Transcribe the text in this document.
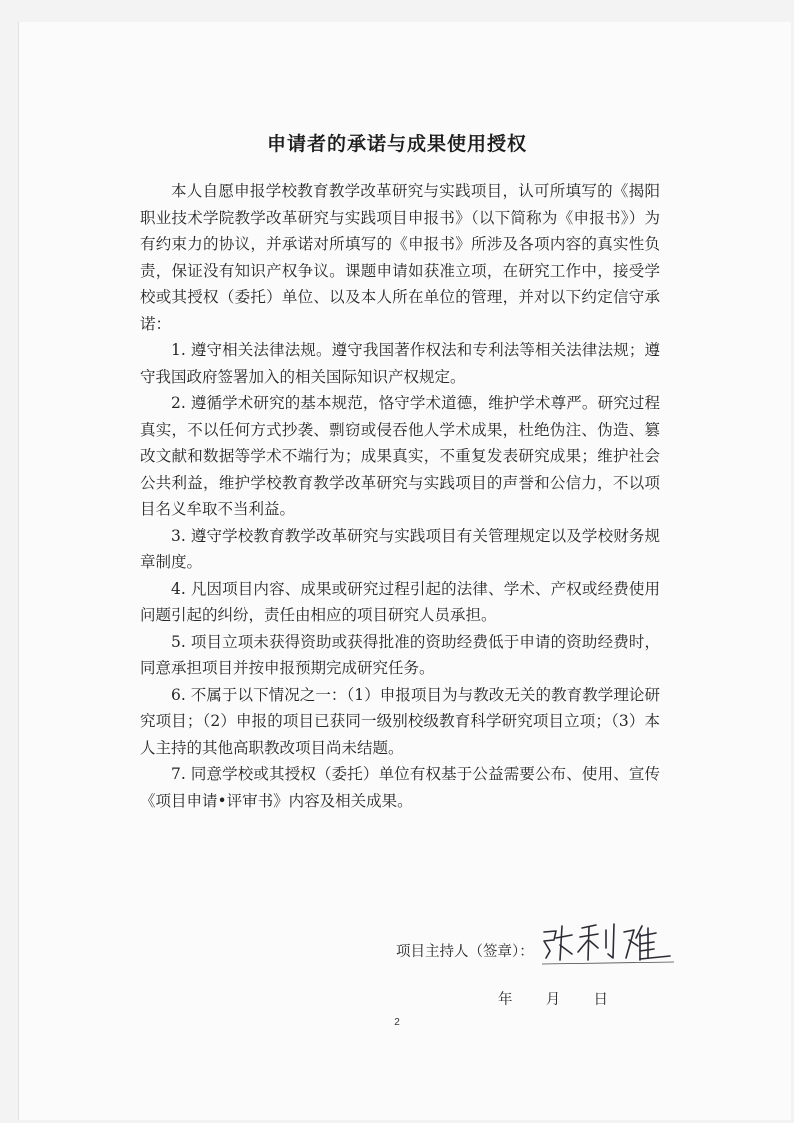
申请者的承诺与成果使用授权

本人自愿申报学校教育教学改革研究与实践项目，认可所填写的《揭阳职业技术学院教学改革研究与实践项目申报书》（以下简称为《申报书》）为有约束力的协议，并承诺对所填写的《申报书》所涉及各项内容的真实性负责，保证没有知识产权争议。课题申请如获准立项，在研究工作中，接受学校或其授权（委托）单位、以及本人所在单位的管理，并对以下约定信守承诺：

1. 遵守相关法律法规。遵守我国著作权法和专利法等相关法律法规；遵守我国政府签署加入的相关国际知识产权规定。

2. 遵循学术研究的基本规范，恪守学术道德，维护学术尊严。研究过程真实，不以任何方式抄袭、剽窃或侵吞他人学术成果，杜绝伪注、伪造、篡改文献和数据等学术不端行为；成果真实，不重复发表研究成果；维护社会公共利益，维护学校教育教学改革研究与实践项目的声誉和公信力，不以项目名义牟取不当利益。

3. 遵守学校教育教学改革研究与实践项目有关管理规定以及学校财务规章制度。

4. 凡因项目内容、成果或研究过程引起的法律、学术、产权或经费使用问题引起的纠纷，责任由相应的项目研究人员承担。

5. 项目立项未获得资助或获得批准的资助经费低于申请的资助经费时，同意承担项目并按申报预期完成研究任务。

6. 不属于以下情况之一：（1）申报项目为与教改无关的教育教学理论研究项目；（2）申报的项目已获同一级别校级教育科学研究项目立项；（3）本人主持的其他高职教改项目尚未结题。

7. 同意学校或其授权（委托）单位有权基于公益需要公布、使用、宣传《项目申请•评审书》内容及相关成果。

项目主持人（签章）：
年 月 日
2
